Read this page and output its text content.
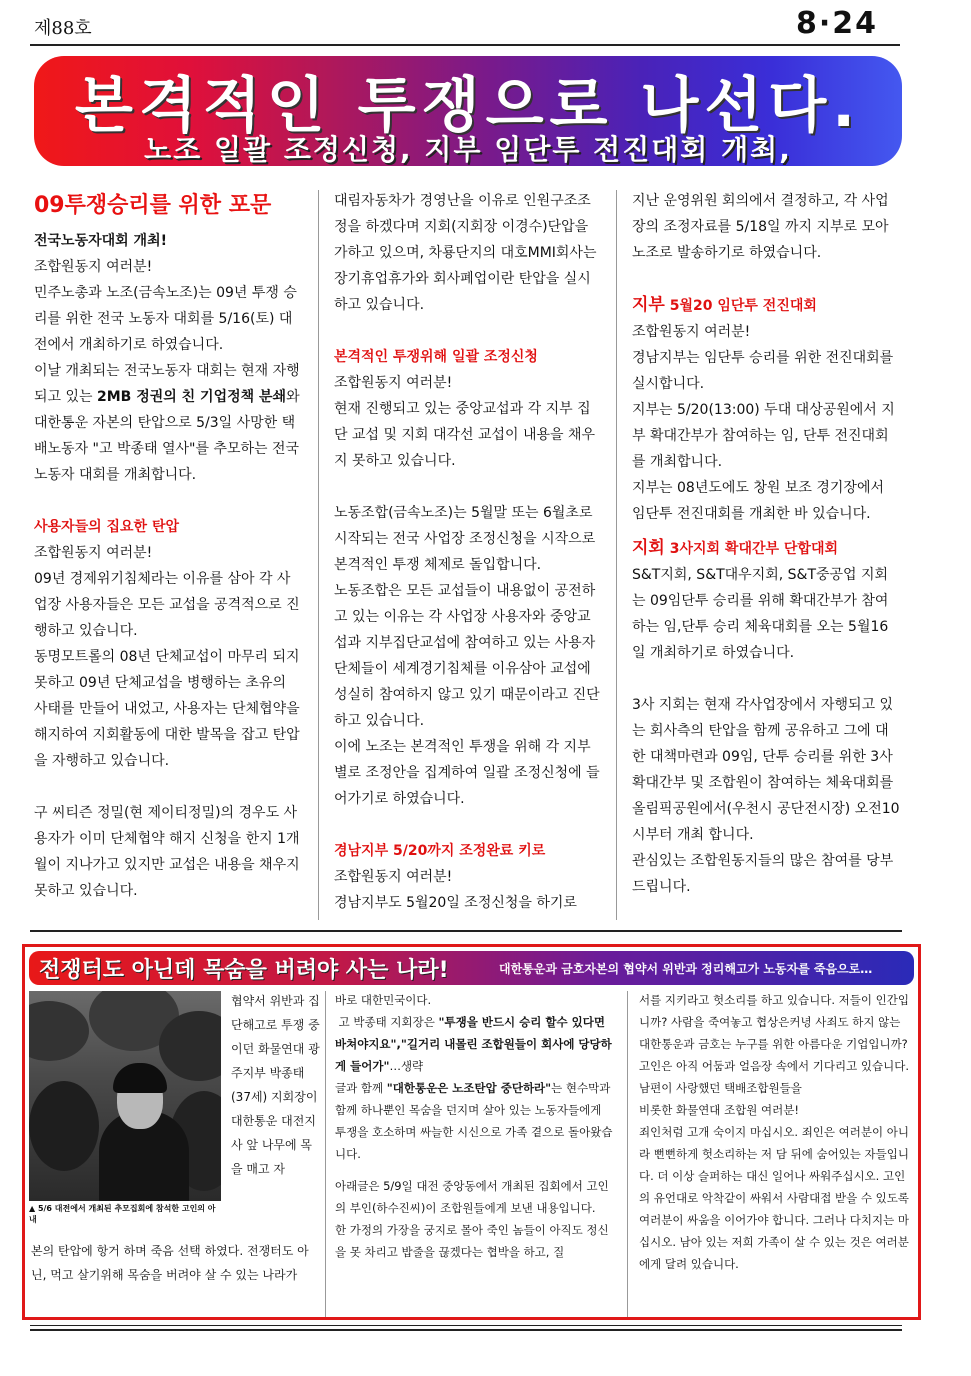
제88호	8·24
본격적인 투쟁으로 나선다.
노조 일괄 조정신청, 지부 임단투 전진대회 개최,
09투쟁승리를 위한 포문

전국노동자대회 개최!

조합원동지 여러분!

민주노총과 노조(금속노조)는 09년 투쟁 승리를 위한 전국 노동자 대회를 5/16(토) 대전에서 개최하기로 하였습니다.

이날 개최되는 전국노동자 대회는 현재 자행되고 있는 2MB 정권의 친 기업정책 분쇄와 대한통운 자본의 탄압으로 5/3일 사망한 택배노동자 "고 박종태 열사"를 추모하는 전국노동자 대회를 개최합니다.

사용자들의 집요한 탄압

조합원동지 여러분!

09년 경제위기침체라는 이유를 삼아 각 사업장 사용자들은 모든 교섭을 공격적으로 진행하고 있습니다.

동명모트롤의 08년 단체교섭이 마무리 되지못하고 09년 단체교섭을 병행하는 초유의 사태를 만들어 내었고, 사용자는 단체협약을 해지하여 지회활동에 대한 발목을 잡고 탄압을 자행하고 있습니다.

구 씨티즌 정밀(현 제이티정밀)의 경우도 사용자가 이미 단체협약 해지 신청을 한지 1개월이 지나가고 있지만 교섭은 내용을 채우지 못하고 있습니다.

대림자동차가 경영난을 이유로 인원구조조정을 하겠다며 지회(지회장 이경수)단압을 가하고 있으며, 차룡단지의 대호MMI회사는 장기휴업휴가와 회사폐업이란 탄압을 실시하고 있습니다.

본격적인 투쟁위해 일괄 조정신청

조합원동지 여러분!

현재 진행되고 있는 중앙교섭과 각 지부 집단 교섭 및 지회 대각선 교섭이 내용을 채우지 못하고 있습니다.

노동조합(금속노조)는 5월말 또는 6월초로 시작되는 전국 사업장 조정신청을 시작으로 본격적인 투쟁 체제로 돌입합니다.

노동조합은 모든 교섭들이 내용없이 공전하고 있는 이유는 각 사업장 사용자와 중앙교섭과 지부집단교섭에 참여하고 있는 사용자단체들이 세계경기침체를 이유삼아 교섭에 성실히 참여하지 않고 있기 때문이라고 진단하고 있습니다.

이에 노조는 본격적인 투쟁을 위해 각 지부별로 조정안을 집계하여 일괄 조정신청에 들어가기로 하였습니다.

경남지부 5/20까지 조정완료 키로

조합원동지 여러분!

경남지부도 5월20일 조정신청을 하기로

지난 운영위원 회의에서 결정하고, 각 사업장의 조정자료를 5/18일 까지 지부로 모아 노조로 발송하기로 하였습니다.

지부 5월20 임단투 전진대회

조합원동지 여러분!

경남지부는 임단투 승리를 위한 전진대회를 실시합니다.

지부는 5/20(13:00) 두대 대상공원에서 지부 확대간부가 참여하는 임, 단투 전진대회를 개최합니다.

지부는 08년도에도 창원 보조 경기장에서 임단투 전진대회를 개최한 바 있습니다.

지회 3사지회 확대간부 단합대회

S&T지회, S&T대우지회, S&T중공업 지회는 09임단투 승리를 위해 확대간부가 참여하는 임,단투 승리 체육대회를 오는 5월16일 개최하기로 하였습니다.

3사 지회는 현재 각사업장에서 자행되고 있는 회사측의 탄압을 함께 공유하고 그에 대한 대책마련과 09임, 단투 승리를 위한 3사 확대간부 및 조합원이 참여하는 체육대회를 올림픽공원에서(우천시 공단전시장) 오전10시부터 개최 합니다.

관심있는 조합원동지들의 많은 참여를 당부 드립니다.

전쟁터도 아닌데 목숨을 버려야 사는 나라!	대한통운과 금호자본의 협약서 위반과 정리해고가 노동자를 죽음으로…
▲ 5/6 대전에서 개최된 추모집회에 참석한 고인의 아내

협약서 위반과 집단해고로 투쟁 중이던 화물연대 광주지부 박종태(37세) 지회장이 대한통운 대전지사 앞 나무에 목을 매고 자

본의 탄압에 항거 하며 죽음 선택 하였다. 전쟁터도 아닌, 먹고 살기위해 목숨을 버려야 살 수 있는 나라가

바로 대한민국이다.

고 박종태 지회장은 "투쟁을 반드시 승리 할수 있다면 바쳐야지요","길거리 내몰린 조합원들이 회사에 당당하게 들어가"…생략

글과 함께 "대한통운은 노조탄압 중단하라"는 현수막과 함께 하나뿐인 목숨을 던지며 살아 있는 노동자들에게 투쟁을 호소하며 싸늘한 시신으로 가족 곁으로 돌아왔습니다.

아래글은 5/9일 대전 중앙동에서 개최된 집회에서 고인의 부인(하수진씨)이 조합원들에게 보낸 내용입니다.

한 가정의 가장을 궁지로 몰아 죽인 놈들이 아직도 정신을 못 차리고 밥줄을 끊겠다는 협박을 하고, 질

서를 지키라고 헛소리를 하고 있습니다. 저들이 인간입니까? 사람을 죽여놓고 협상은커녕 사죄도 하지 않는 대한통운과 금호는 누구를 위한 아름다운 기업입니까? 고인은 아직 어둠과 얼음장 속에서 기다리고 있습니다.

남편이 사랑했던 택배조합원들을

비롯한 화물연대 조합원 여러분!

죄인처럼 고개 숙이지 마십시오. 죄인은 여러분이 아니라 뻔뻔하게 헛소리하는 저 담 뒤에 숨어있는 자들입니다. 더 이상 슬퍼하는 대신 일어나 싸워주십시오. 고인의 유언대로 악착같이 싸워서 사람대접 받을 수 있도록 여러분이 싸움을 이어가야 합니다. 그러나 다치지는 마십시오. 남아 있는 저희 가족이 살 수 있는 것은 여러분에게 달려 있습니다.
